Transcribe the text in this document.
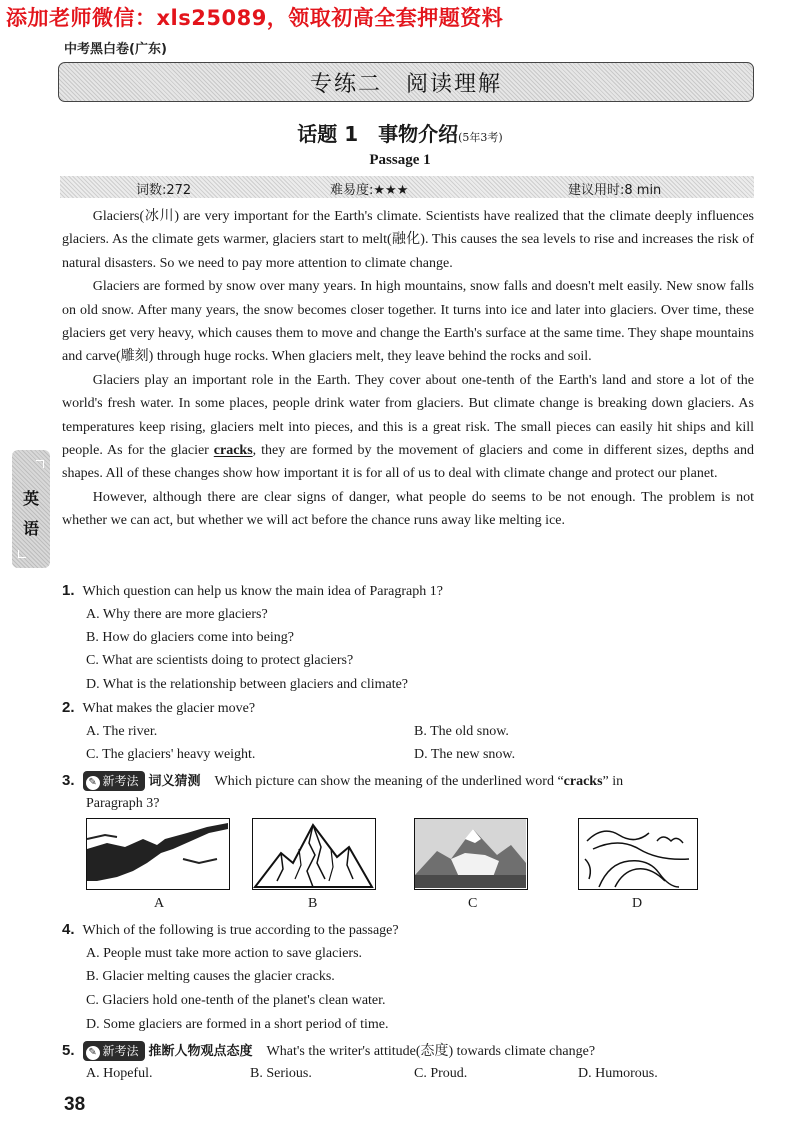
添加老师微信：xls25089，领取初高全套押题资料
中考黑白卷(广东)
专练二　阅读理解
话题 1　事物介绍(5年3考)
Passage 1
词数:272	难易度:★★★	建议用时:8 min
英
语

Glaciers(冰川) are very important for the Earth's climate. Scientists have realized that the climate deeply influences glaciers. As the climate gets warmer, glaciers start to melt(融化). This causes the sea levels to rise and increases the risk of natural disasters. So we need to pay more attention to climate change.

Glaciers are formed by snow over many years. In high mountains, snow falls and doesn't melt easily. New snow falls on old snow. After many years, the snow becomes closer together. It turns into ice and later into glaciers. Over time, these glaciers get very heavy, which causes them to move and change the Earth's surface at the same time. They shape mountains and carve(雕刻) through huge rocks. When glaciers melt, they leave behind the rocks and soil.

Glaciers play an important role in the Earth. They cover about one-tenth of the Earth's land and store a lot of the world's fresh water. In some places, people drink water from glaciers. But climate change is breaking down glaciers. As temperatures keep rising, glaciers melt into pieces, and this is a great risk. The small pieces can easily hit ships and kill people. As for the glacier cracks, they are formed by the movement of glaciers and come in different sizes, depths and shapes. All of these changes show how important it is for all of us to deal with climate change and protect our planet.

However, although there are clear signs of danger, what people do seems to be not enough. The problem is not whether we can act, but whether we will act before the chance runs away like melting ice.

1. Which question can help us know the main idea of Paragraph 1?
A. Why there are more glaciers?
B. How do glaciers come into being?
C. What are scientists doing to protect glaciers?
D. What is the relationship between glaciers and climate?
2. What makes the glacier move?
A. The river.	B. The old snow.
C. The glaciers' heavy weight.	D. The new snow.
3. ✎ 新考法 词义猜测 Which picture can show the meaning of the underlined word “cracks” in
Paragraph 3?
A	B	C	D
4. Which of the following is true according to the passage?
A. People must take more action to save glaciers.
B. Glacier melting causes the glacier cracks.
C. Glaciers hold one-tenth of the planet's clean water.
D. Some glaciers are formed in a short period of time.
5. ✎ 新考法 推断人物观点态度 What's the writer's attitude(态度) towards climate change?
A. Hopeful.	B. Serious.	C. Proud.	D. Humorous.
38
